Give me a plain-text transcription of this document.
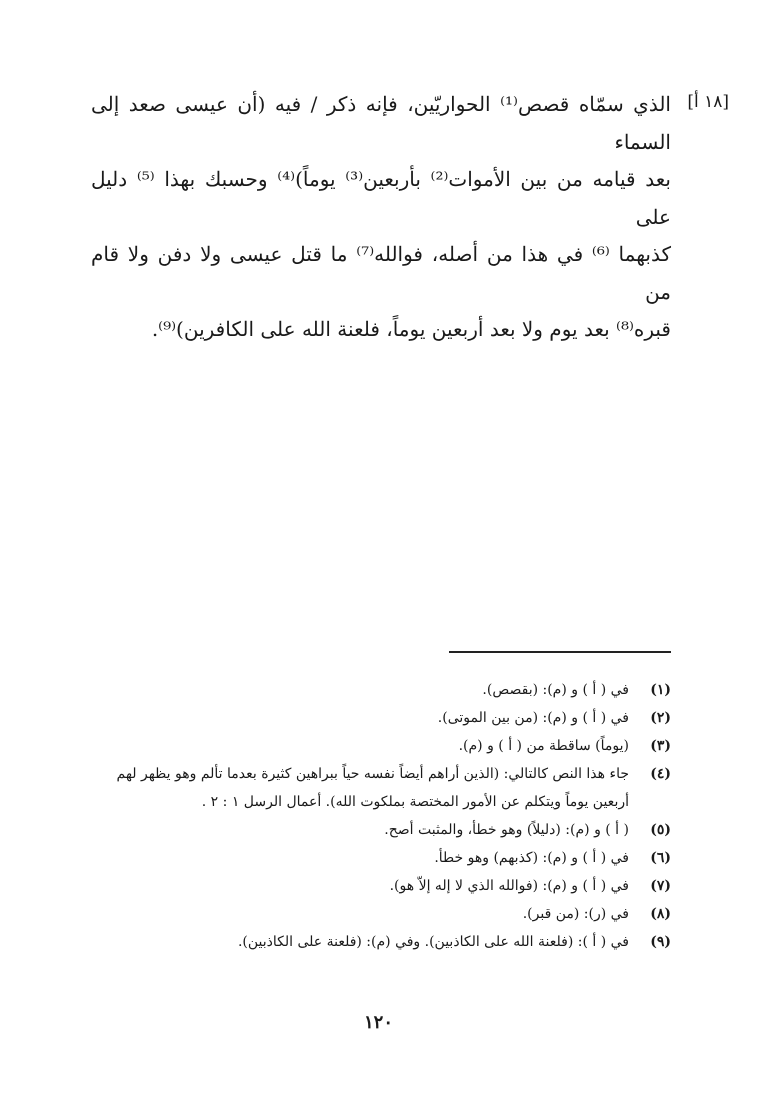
[١٨ أ]

الذي سمّاه قصص⁽¹⁾ الحواريّين، فإنه ذكر / فيه (أن عيسى صعد إلى السماء

بعد قيامه من بين الأموات⁽²⁾ بأربعين⁽³⁾ يوماً)⁽⁴⁾ وحسبك بهذا ⁽⁵⁾ دليل على

كذبهما ⁽⁶⁾ في هذا من أصله، فوالله⁽⁷⁾ ما قتل عيسى ولا دفن ولا قام من

قبره⁽⁸⁾ بعد يوم ولا بعد أربعين يوماً، فلعنة الله على الكافرين)⁽⁹⁾.

(١)
في ( أ ) و (م): (بقصص).
(٢)
في ( أ ) و (م): (من بين الموتى).
(٣)
(يوماً) ساقطة من ( أ ) و (م).
(٤)
جاء هذا النص كالتالي: (الذين أراهم أيضاً نفسه حياً ببراهين كثيرة بعدما تألم وهو يظهر لهم أربعين يوماً ويتكلم عن الأمور المختصة بملكوت الله). أعمال الرسل ١ : ٢ .
(٥)
( أ ) و (م): (دليلاً) وهو خطأ، والمثبت أصح.
(٦)
في ( أ ) و (م): (كذبهم) وهو خطأ.
(٧)
في ( أ ) و (م): (فوالله الذي لا إله إلاّ هو).
(٨)
في (ر): (من قبر).
(٩)
في ( أ ): (فلعنة الله على الكاذبين). وفي (م): (فلعنة على الكاذبين).
١٢٠
